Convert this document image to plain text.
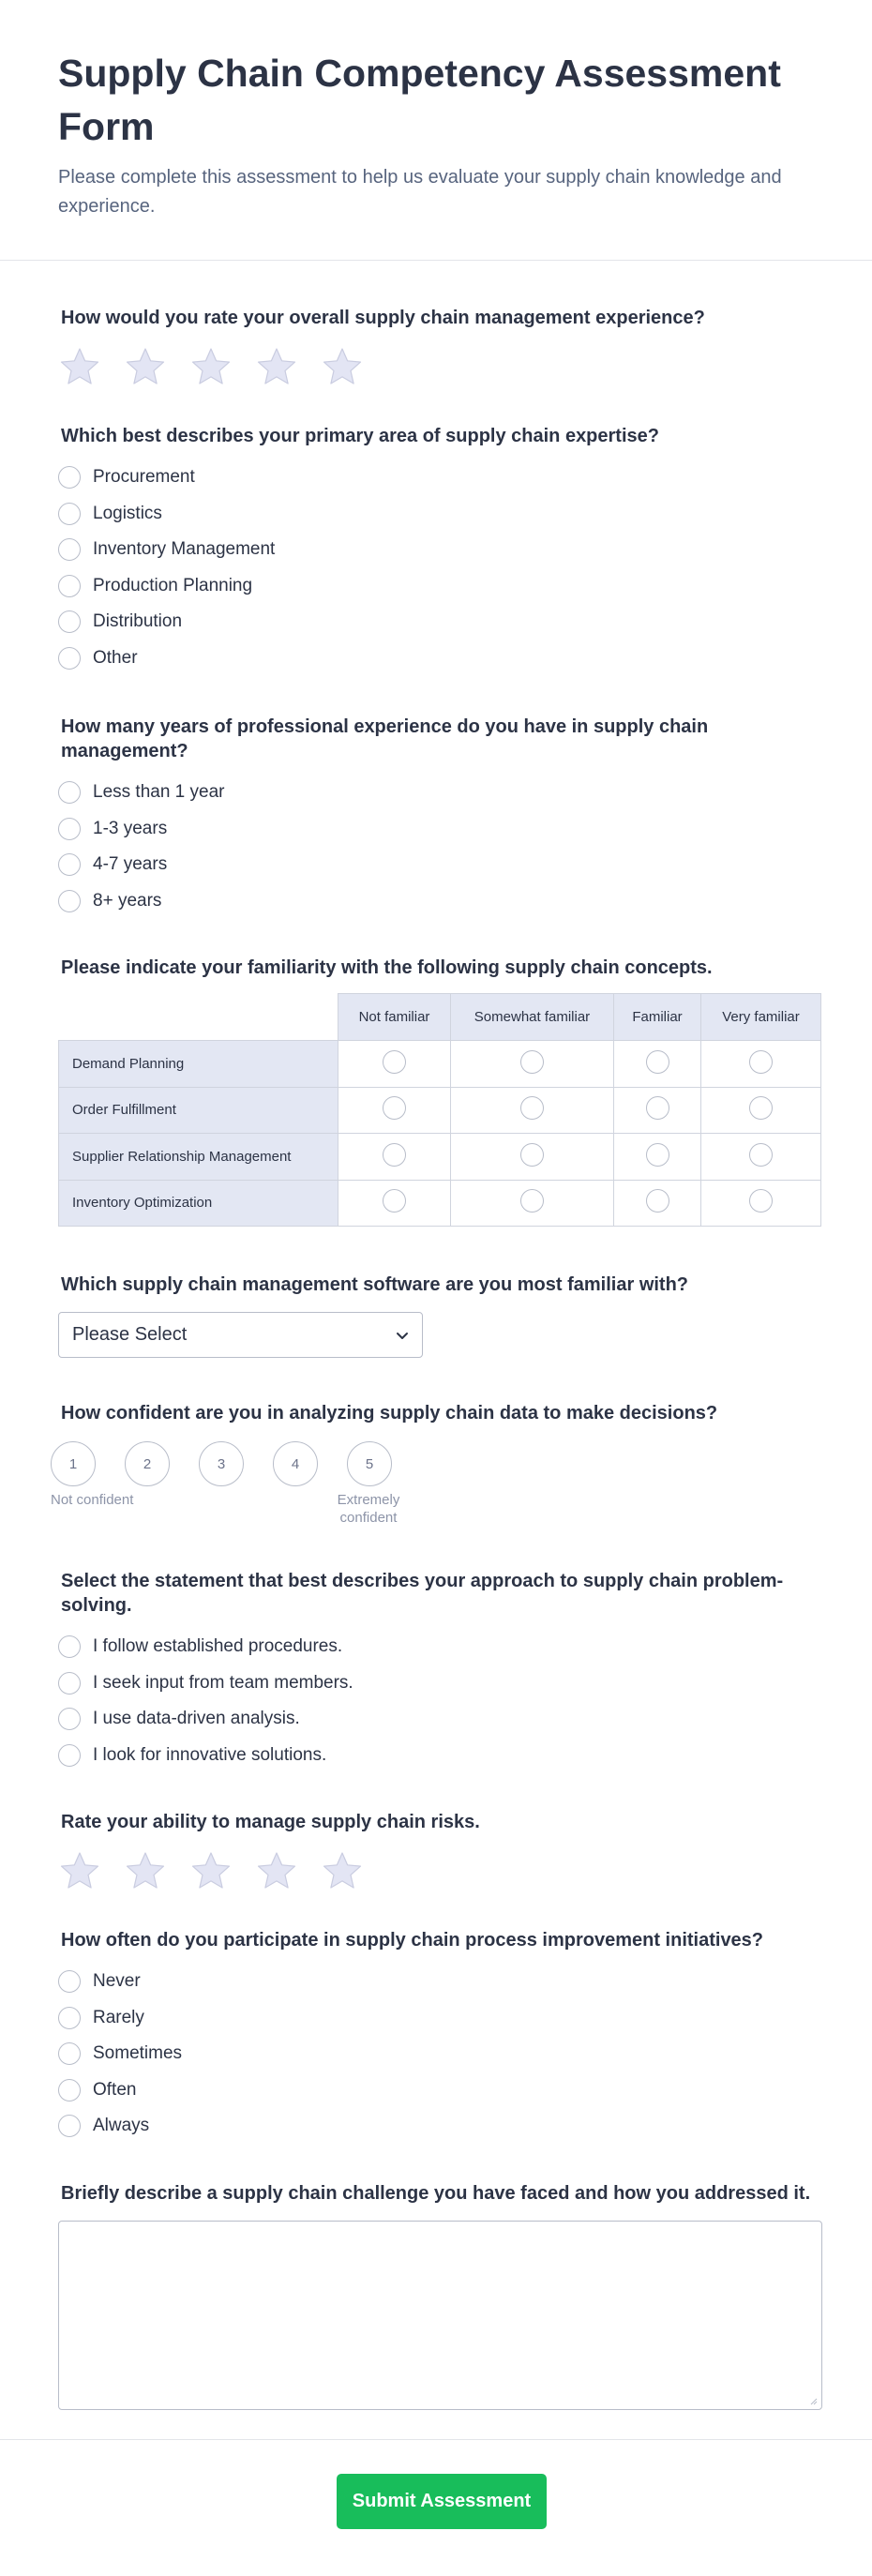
Supply Chain Competency Assessment Form

Please complete this assessment to help us evaluate your supply chain knowledge and experience.

How would you rate your overall supply chain management experience?
Which best describes your primary area of supply chain expertise?
Procurement
Logistics
Inventory Management
Production Planning
Distribution
Other
How many years of professional experience do you have in supply chain management?
Less than 1 year
1-3 years
4-7 years
8+ years
Please indicate your familiarity with the following supply chain concepts.
	Not familiar	Somewhat familiar	Familiar	Very familiar
Demand Planning				
Order Fulfillment				
Supplier Relationship Management				
Inventory Optimization				
Which supply chain management software are you most familiar with?
Please Select
How confident are you in analyzing supply chain data to make decisions?
1	2	3	4	5
Not confident	Extremely confident
Select the statement that best describes your approach to supply chain problem-solving.
I follow established procedures.
I seek input from team members.
I use data-driven analysis.
I look for innovative solutions.
Rate your ability to manage supply chain risks.
How often do you participate in supply chain process improvement initiatives?
Never
Rarely
Sometimes
Often
Always
Briefly describe a supply chain challenge you have faced and how you addressed it.
Submit Assessment
